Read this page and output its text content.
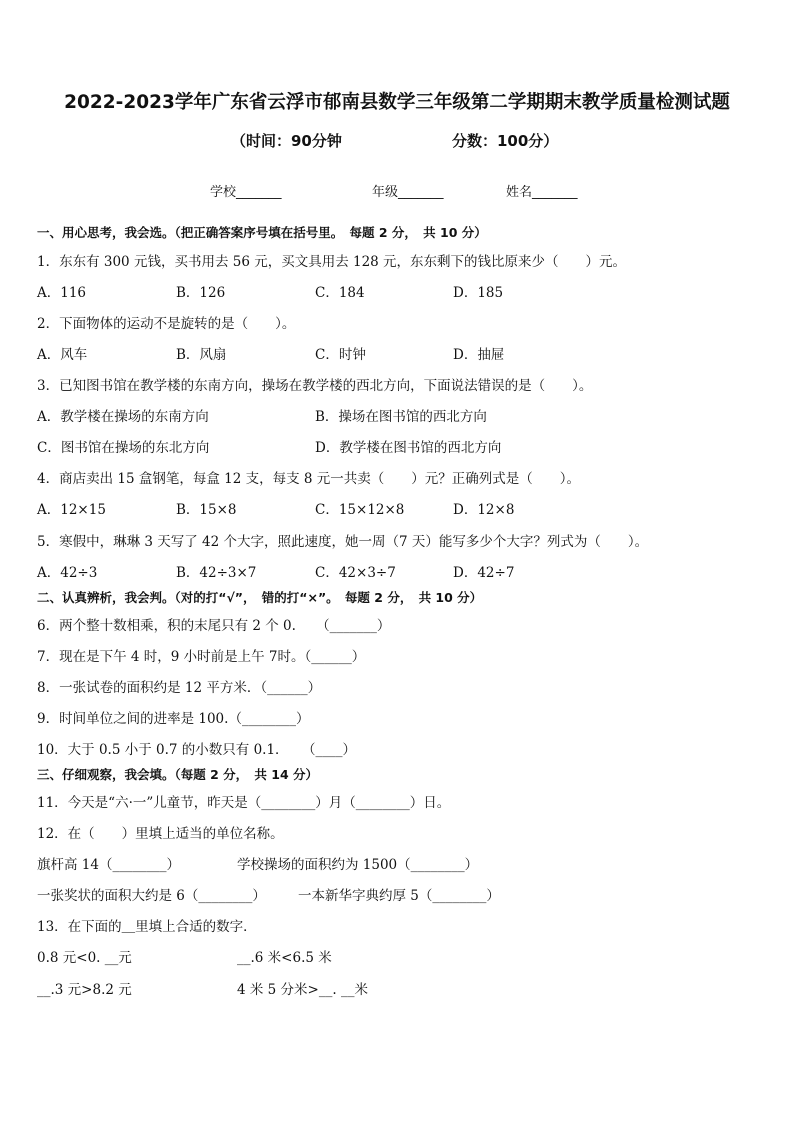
2022-2023学年广东省云浮市郁南县数学三年级第二学期期末教学质量检测试题
（时间：90分钟	分数：100分）
学校_______	年级_______	姓名_______
一、用心思考，我会选。（把正确答案序号填在括号里。　每题 2 分，　共 10 分）
1．东东有 300 元钱，买书用去 56 元，买文具用去 128 元，东东剩下的钱比原来少（　　）元。
A．116	B．126	C．184	D．185
2．下面物体的运动不是旋转的是（　　）。
A．风车	B．风扇	C．时钟	D．抽屉
3．已知图书馆在教学楼的东南方向，操场在教学楼的西北方向，下面说法错误的是（　　）。
A．教学楼在操场的东南方向	B．操场在图书馆的西北方向
C．图书馆在操场的东北方向	D．教学楼在图书馆的西北方向
4．商店卖出 15 盒钢笔，每盒 12 支，每支 8 元一共卖（　　）元？正确列式是（　　）。
A．12×15	B．15×8	C．15×12×8	D．12×8
5．寒假中，琳琳 3 天写了 42 个大字，照此速度，她一周（7 天）能写多少个大字？列式为（　　）。
A．42÷3	B．42÷3×7	C．42×3÷7	D．42÷7
二、认真辨析，我会判。（对的打“√”，　错的打“×”。　每题 2 分，　共 10 分）
6．两个整十数相乘，积的末尾只有 2 个 0.　　（_______）
7．现在是下午 4 时，9 小时前是上午 7时。（______）
8．一张试卷的面积约是 12 平方米．（______）
9．时间单位之间的进率是 100.（________）
10．大于 0.5 小于 0.7 的小数只有 0.1．　　（____）
三、仔细观察，我会填。（每题 2 分，　共 14 分）
11．今天是“六·一”儿童节，昨天是（________）月（________）日。
12．在（　　）里填上适当的单位名称。
旗杆高 14（________）	学校操场的面积约为 1500（________）
一张奖状的面积大约是 6（________） 一本新华字典约厚 5（________）
13．在下面的＿里填上合适的数字．
0.8 元<0. __元	__.6 米<6.5 米
__.3 元>8.2 元	4 米 5 分米>__. __米
